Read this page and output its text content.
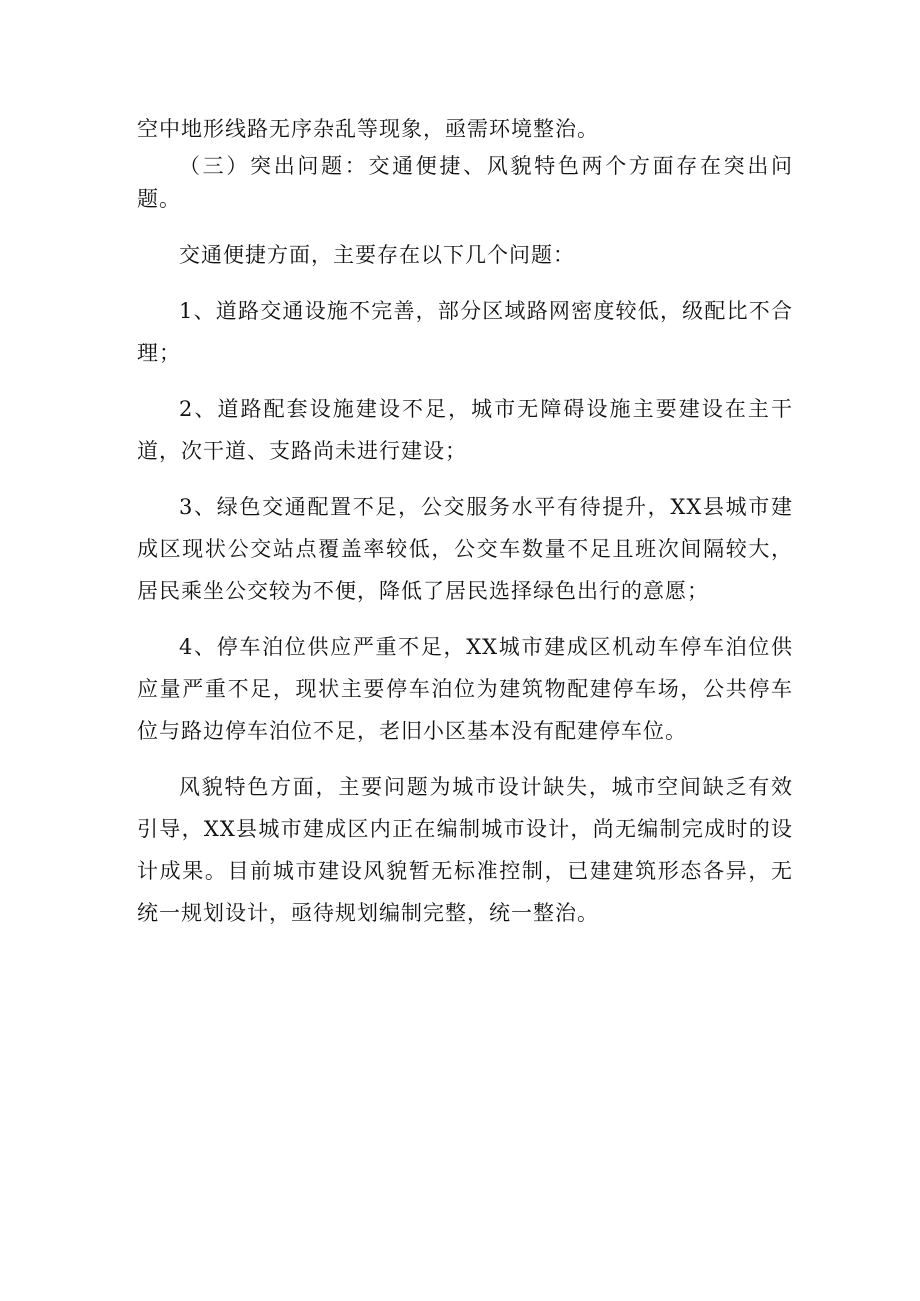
空中地形线路无序杂乱等现象，亟需环境整治。

（三）突出问题：交通便捷、风貌特色两个方面存在突出问题。

交通便捷方面，主要存在以下几个问题：

1、道路交通设施不完善，部分区域路网密度较低，级配比不合理；

2、道路配套设施建设不足，城市无障碍设施主要建设在主干道，次干道、支路尚未进行建设；

3、绿色交通配置不足，公交服务水平有待提升，XX县城市建成区现状公交站点覆盖率较低，公交车数量不足且班次间隔较大，居民乘坐公交较为不便，降低了居民选择绿色出行的意愿；

4、停车泊位供应严重不足，XX城市建成区机动车停车泊位供应量严重不足，现状主要停车泊位为建筑物配建停车场，公共停车位与路边停车泊位不足，老旧小区基本没有配建停车位。

风貌特色方面，主要问题为城市设计缺失，城市空间缺乏有效引导，XX县城市建成区内正在编制城市设计，尚无编制完成时的设计成果。目前城市建设风貌暂无标准控制，已建建筑形态各异，无统一规划设计，亟待规划编制完整，统一整治。
